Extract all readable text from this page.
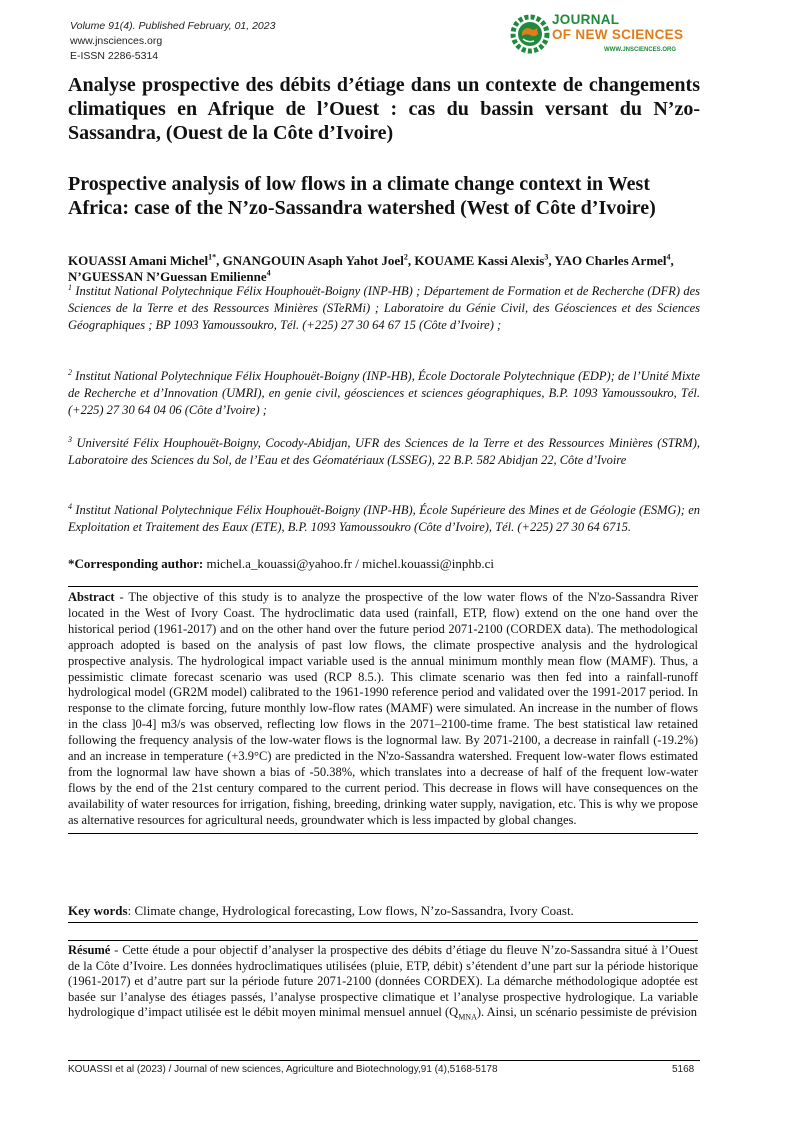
Volume 91(4). Published February, 01, 2023
www.jnsciences.org
E-ISSN 2286-5314
JOURNAL
OF NEW SCIENCES
WWW.JNSCIENCES.ORG
Analyse prospective des débits d’étiage dans un contexte de changements climatiques en Afrique de l’Ouest : cas du bassin versant du N’zo-Sassandra, (Ouest de la Côte d’Ivoire)
Prospective analysis of low flows in a climate change context in West Africa: case of the N’zo-Sassandra watershed (West of Côte d’Ivoire)
KOUASSI Amani Michel$^{1*}$, GNANGOUIN Asaph Yahot Joel$^2$, KOUAME Kassi Alexis$^3$, YAO Charles Armel$^4$, N’GUESSAN N’Guessan Emilienne$^4$
$^1$ Institut National Polytechnique Félix Houphouët-Boigny (INP-HB) ; Département de Formation et de Recherche (DFR) des Sciences de la Terre et des Ressources Minières (STeRMi) ; Laboratoire du Génie Civil, des Géosciences et des Sciences Géographiques ; BP 1093 Yamoussoukro, Tél. (+225) 27 30 64 67 15 (Côte d’Ivoire) ;
$^2$ Institut National Polytechnique Félix Houphouët-Boigny (INP-HB), École Doctorale Polytechnique (EDP); de l’Unité Mixte de Recherche et d’Innovation (UMRI), en genie civil, géosciences et sciences géographiques, B.P. 1093 Yamoussoukro, Tél. (+225) 27 30 64 04 06 (Côte d’Ivoire) ;
$^3$ Université Félix Houphouët-Boigny, Cocody-Abidjan, UFR des Sciences de la Terre et des Ressources Minières (STRM), Laboratoire des Sciences du Sol, de l’Eau et des Géomatériaux (LSSEG), 22 B.P. 582 Abidjan 22, Côte d’Ivoire
$^4$ Institut National Polytechnique Félix Houphouët-Boigny (INP-HB), École Supérieure des Mines et de Géologie (ESMG); en Exploitation et Traitement des Eaux (ETE), B.P. 1093 Yamoussoukro (Côte d’Ivoire), Tél. (+225) 27 30 64 6715.
*Corresponding author: michel.a_kouassi@yahoo.fr / michel.kouassi@inphb.ci
Abstract - The objective of this study is to analyze the prospective of the low water flows of the N'zo-Sassandra River located in the West of Ivory Coast. The hydroclimatic data used (rainfall, ETP, flow) extend on the one hand over the historical period (1961-2017) and on the other hand over the future period 2071-2100 (CORDEX data). The methodological approach adopted is based on the analysis of past low flows, the climate prospective analysis and the hydrological prospective analysis. The hydrological impact variable used is the annual minimum monthly mean flow (MAMF). Thus, a pessimistic climate forecast scenario was used (RCP 8.5.). This climate scenario was then fed into a rainfall-runoff hydrological model (GR2M model) calibrated to the 1961-1990 reference period and validated over the 1991-2017 period. In response to the climate forcing, future monthly low-flow rates (MAMF) were simulated. An increase in the number of flows in the class ]0-4] m3/s was observed, reflecting low flows in the 2071–2100-time frame. The best statistical law retained following the frequency analysis of the low-water flows is the lognormal law. By 2071-2100, a decrease in rainfall (-19.2%) and an increase in temperature (+3.9°C) are predicted in the N'zo-Sassandra watershed. Frequent low-water flows estimated from the lognormal law have shown a bias of -50.38%, which translates into a decrease of half of the frequent low-water flows by the end of the 21st century compared to the current period. This decrease in flows will have consequences on the availability of water resources for irrigation, fishing, breeding, drinking water supply, navigation, etc. This is why we propose as alternative resources for agricultural needs, groundwater which is less impacted by global changes.
Key words: Climate change, Hydrological forecasting, Low flows, N’zo-Sassandra, Ivory Coast.
Résumé - Cette étude a pour objectif d’analyser la prospective des débits d’étiage du fleuve N’zo-Sassandra situé à l’Ouest de la Côte d’Ivoire. Les données hydroclimatiques utilisées (pluie, ETP, débit) s’étendent d’une part sur la période historique (1961-2017) et d’autre part sur la période future 2071-2100 (données CORDEX). La démarche méthodologique adoptée est basée sur l’analyse des étiages passés, l’analyse prospective climatique et l’analyse prospective hydrologique. La variable hydrologique d’impact utilisée est le débit moyen minimal mensuel annuel $(Q_{MNA})$. Ainsi, un scénario pessimiste de prévision
KOUASSI et al (2023) / Journal of new sciences, Agriculture and Biotechnology,91 (4),5168-5178	5168
